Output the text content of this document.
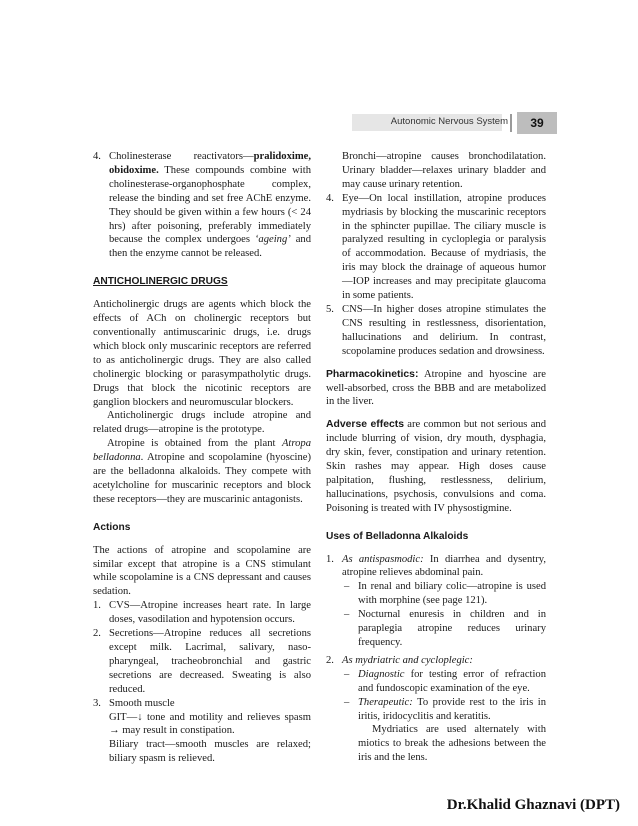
Autonomic Nervous System	39
4. Cholinesterase reactivators—pralidoxime, obidoxime. These compounds combine with cholinesterase-organophosphate complex, release the binding and set free AChE enzyme. They should be given within a few hours (< 24 hrs) after poisoning, preferably immediately because the complex undergoes ‘ageing’ and then the enzyme cannot be released.

ANTICHOLINERGIC DRUGS

Anticholinergic drugs are agents which block the effects of ACh on cholinergic receptors but conventionally antimuscarinic drugs, i.e. drugs which block only muscarinic receptors are referred to as anticholinergic drugs. They are also called cholinergic blocking or parasympatholytic drugs. Drugs that block the nicotinic receptors are ganglion blockers and neuromuscular blockers.

Anticholinergic drugs include atropine and related drugs—atropine is the prototype.

Atropine is obtained from the plant Atropa belladonna. Atropine and scopolamine (hyoscine) are the belladonna alkaloids. They compete with acetylcholine for muscarinic receptors and block these receptors—they are muscarinic antagonists.

Actions

The actions of atropine and scopolamine are similar except that atropine is a CNS stimulant while scopolamine is a CNS depressant and causes sedation.

1. CVS—Atropine increases heart rate. In large doses, vasodilation and hypotension occurs.

2. Secretions—Atropine reduces all secretions except milk. Lacrimal, salivary, naso-pharyngeal, tracheobronchial and gastric secretions are decreased. Sweating is also reduced.

3. Smooth muscle

GIT—↓ tone and motility and relieves spasm → may result in constipation.

Biliary tract—smooth muscles are relaxed; biliary spasm is relieved.

Bronchi—atropine causes bronchodilatation. Urinary bladder—relaxes urinary bladder and may cause urinary retention.

4. Eye—On local instillation, atropine produces mydriasis by blocking the muscarinic receptors in the sphincter pupillae. The ciliary muscle is paralyzed resulting in cycloplegia or paralysis of accommodation. Because of mydriasis, the iris may block the drainage of aqueous humor—IOP increases and may precipitate glaucoma in some patients.

5. CNS—In higher doses atropine stimulates the CNS resulting in restlessness, disorientation, hallucinations and delirium. In contrast, scopolamine produces sedation and drowsiness.

Pharmacokinetics: Atropine and hyoscine are well-absorbed, cross the BBB and are metabolized in the liver.

Adverse effects are common but not serious and include blurring of vision, dry mouth, dysphagia, dry skin, fever, constipation and urinary retention. Skin rashes may appear. High doses cause palpitation, flushing, restlessness, delirium, hallucinations, psychosis, convulsions and coma. Poisoning is treated with IV physostigmine.

Uses of Belladonna Alkaloids

1. As antispasmodic: In diarrhea and dysentry, atropine relieves abdominal pain.

– In renal and biliary colic—atropine is used with morphine (see page 121).

– Nocturnal enuresis in children and in paraplegia atropine reduces urinary frequency.

2. As mydriatric and cycloplegic:

– Diagnostic for testing error of refraction and fundoscopic examination of the eye.

– Therapeutic: To provide rest to the iris in iritis, iridocyclitis and keratitis.

Mydriatics are used alternately with miotics to break the adhesions between the iris and the lens.

Dr.Khalid Ghaznavi (DPT)
